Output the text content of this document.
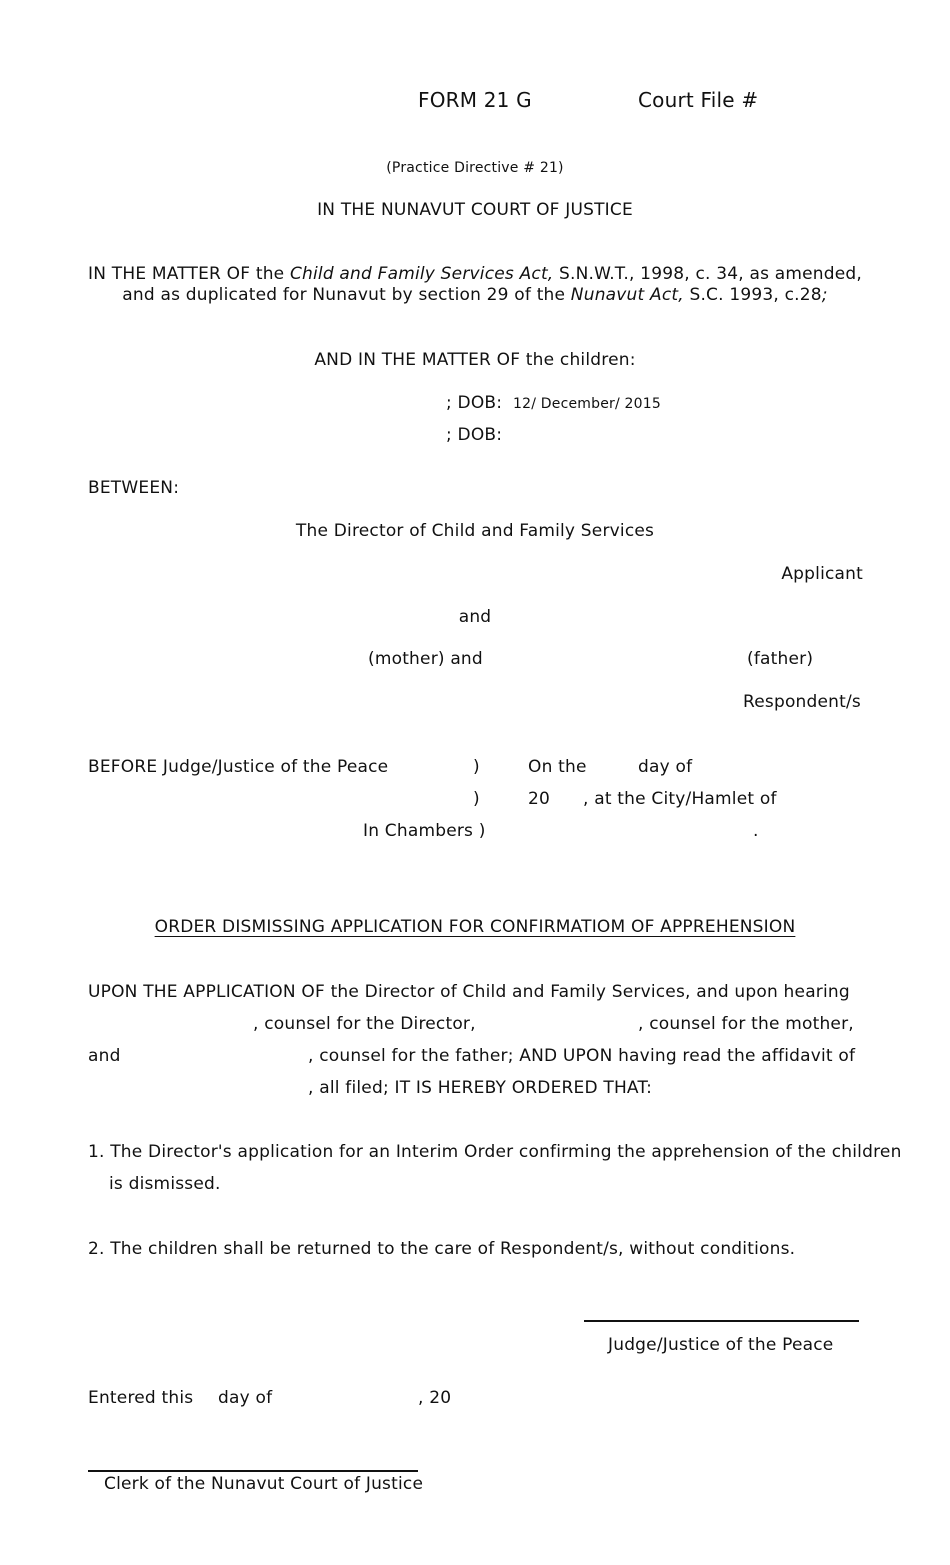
FORM 21 G	Court File #
(Practice Directive # 21)
IN THE NUNAVUT COURT OF JUSTICE
IN THE MATTER OF the Child and Family Services Act, S.N.W.T., 1998, c. 34, as amended,
and as duplicated for Nunavut by section 29 of the Nunavut Act, S.C. 1993, c.28;
AND IN THE MATTER OF the children:
; DOB: 12/ December/ 2015
; DOB:
BETWEEN:
The Director of Child and Family Services
Applicant
and
(mother) and	(father)
Respondent/s
BEFORE Judge/Justice of the Peace	)	On the	day of
)	20 , at the City/Hamlet of
In Chambers )	.
ORDER DISMISSING APPLICATION FOR CONFIRMATIOM OF APPREHENSION
UPON THE APPLICATION OF the Director of Child and Family Services, and upon hearing
, counsel for the Director,	, counsel for the mother,
and	, counsel for the father; AND UPON having read the affidavit of
, all filed; IT IS HEREBY ORDERED THAT:
1. The Director's application for an Interim Order confirming the apprehension of the children
is dismissed.
2. The children shall be returned to the care of Respondent/s, without conditions.
Judge/Justice of the Peace
Entered this day of	, 20
Clerk of the Nunavut Court of Justice
